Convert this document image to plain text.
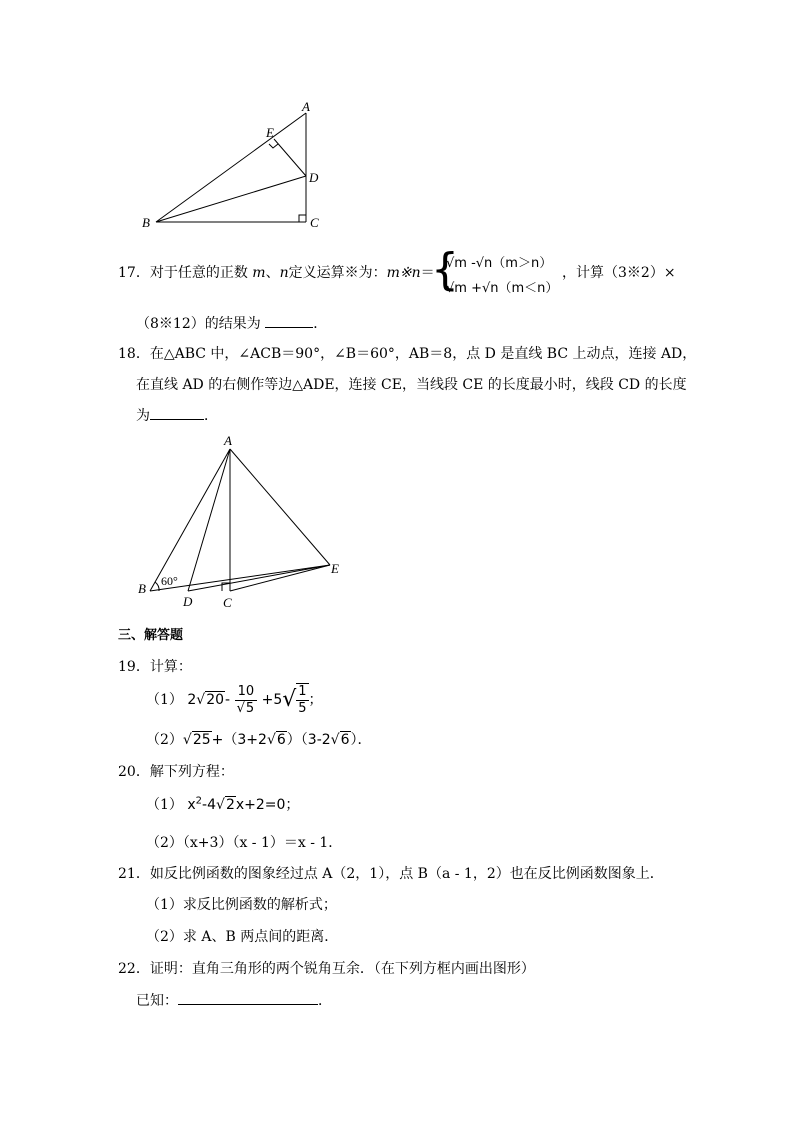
A
E
D
B	C
17．对于任意的正数 m、n定义运算※为：m※n＝
{
√m -√n（m＞n）
√m +√n（m＜n）
，计算（3※2）×
（8※12）的结果为	．
18．在△ABC 中，∠ACB＝90°，∠B＝60°，AB＝8，点 D 是直线 BC 上动点，连接 AD，
在直线 AD 的右侧作等边△ADE，连接 CE，当线段 CE 的长度最小时，线段 CD 的长度
为	．
A
B
D C
E
60°
三、解答题
19．计算：
（1） $2√20- \frac{10}{√5} +5√ \frac{1}{5}$ ；
（2）√25+（3+2√6）（3-2√6）．
20．解下列方程：
（1） $x^2-4√2x+2=0$；
（2）（x+3）（x - 1）＝x - 1．
21．如反比例函数的图象经过点 A（2，1），点 B（a - 1，2）也在反比例函数图象上．
（1）求反比例函数的解析式；
（2）求 A、B 两点间的距离．
22．证明：直角三角形的两个锐角互余．（在下列方框内画出图形）
已知：	．
